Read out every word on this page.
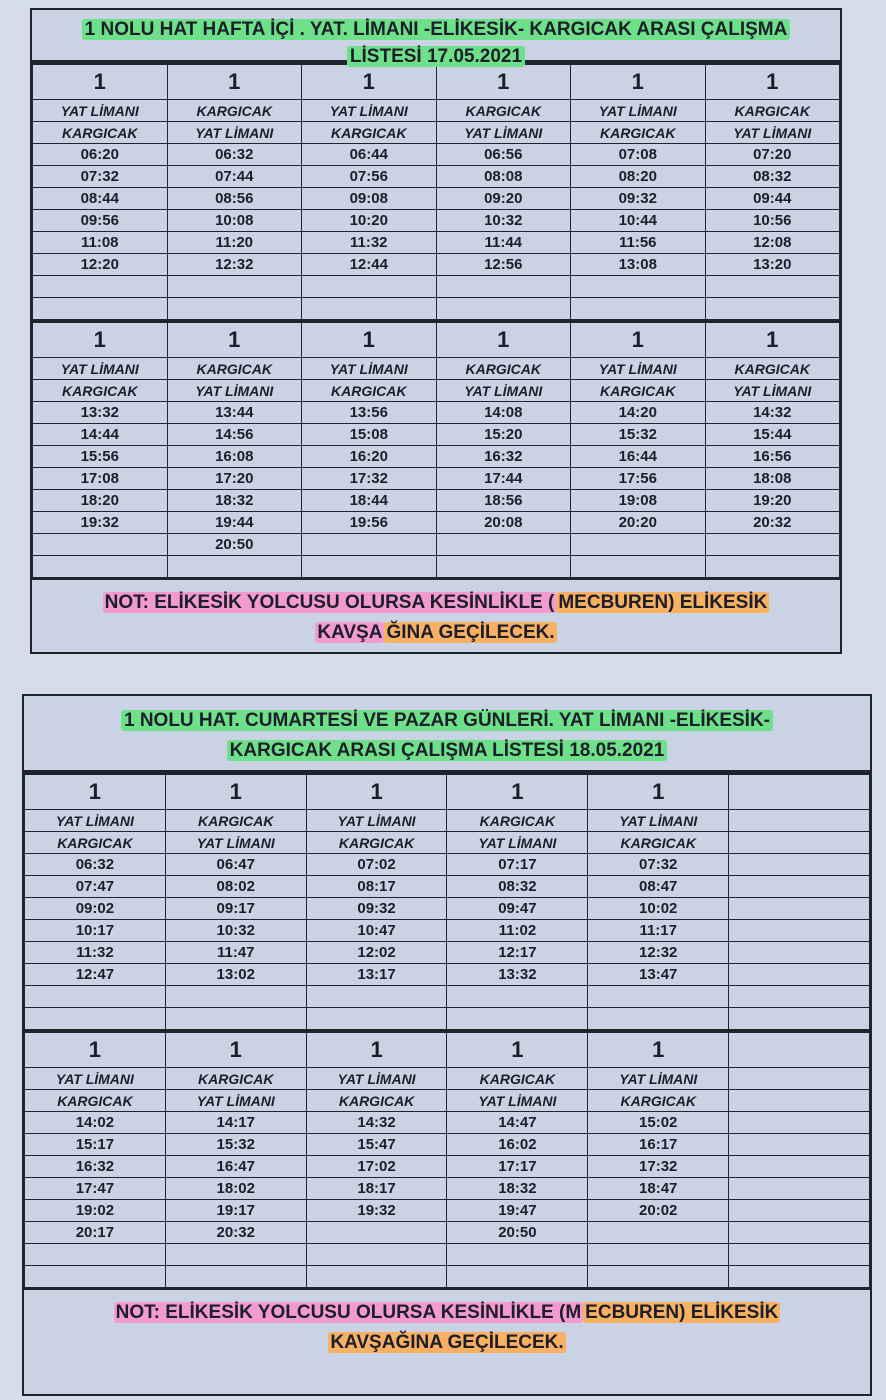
1 NOLU HAT HAFTA İÇİ . YAT. LİMANI -ELİKESİK- KARGICAK ARASI ÇALIŞMA
LİSTESİ 17.05.2021
1	1	1	1	1	1
YAT LİMANI	KARGICAK	YAT LİMANI	KARGICAK	YAT LİMANI	KARGICAK
KARGICAK	YAT LİMANI	KARGICAK	YAT LİMANI	KARGICAK	YAT LİMANI
06:20	06:32	06:44	06:56	07:08	07:20
07:32	07:44	07:56	08:08	08:20	08:32
08:44	08:56	09:08	09:20	09:32	09:44
09:56	10:08	10:20	10:32	10:44	10:56
11:08	11:20	11:32	11:44	11:56	12:08
12:20	12:32	12:44	12:56	13:08	13:20

1	1	1	1	1	1
YAT LİMANI	KARGICAK	YAT LİMANI	KARGICAK	YAT LİMANI	KARGICAK
KARGICAK	YAT LİMANI	KARGICAK	YAT LİMANI	KARGICAK	YAT LİMANI
13:32	13:44	13:56	14:08	14:20	14:32
14:44	14:56	15:08	15:20	15:32	15:44
15:56	16:08	16:20	16:32	16:44	16:56
17:08	17:20	17:32	17:44	17:56	18:08
18:20	18:32	18:44	18:56	19:08	19:20
19:32	19:44	19:56	20:08	20:20	20:32
	20:50				

NOT: ELİKESİK YOLCUSU OLURSA KESİNLİKLE ( MECBUREN) ELİKESİK
KAVŞA ĞINA GEÇİLECEK.
1 NOLU HAT. CUMARTESİ VE PAZAR GÜNLERİ. YAT LİMANI -ELİKESİK-
KARGICAK ARASI ÇALIŞMA LİSTESİ 18.05.2021
1	1	1	1	1	
YAT LİMANI	KARGICAK	YAT LİMANI	KARGICAK	YAT LİMANI	
KARGICAK	YAT LİMANI	KARGICAK	YAT LİMANI	KARGICAK	
06:32	06:47	07:02	07:17	07:32	
07:47	08:02	08:17	08:32	08:47	
09:02	09:17	09:32	09:47	10:02	
10:17	10:32	10:47	11:02	11:17	
11:32	11:47	12:02	12:17	12:32	
12:47	13:02	13:17	13:32	13:47	

1	1	1	1	1	
YAT LİMANI	KARGICAK	YAT LİMANI	KARGICAK	YAT LİMANI	
KARGICAK	YAT LİMANI	KARGICAK	YAT LİMANI	KARGICAK	
14:02	14:17	14:32	14:47	15:02	
15:17	15:32	15:47	16:02	16:17	
16:32	16:47	17:02	17:17	17:32	
17:47	18:02	18:17	18:32	18:47	
19:02	19:17	19:32	19:47	20:02	
20:17	20:32		20:50		

NOT: ELİKESİK YOLCUSU OLURSA KESİNLİKLE (M ECBUREN) ELİKESİK
KAVŞAĞINA GEÇİLECEK.
